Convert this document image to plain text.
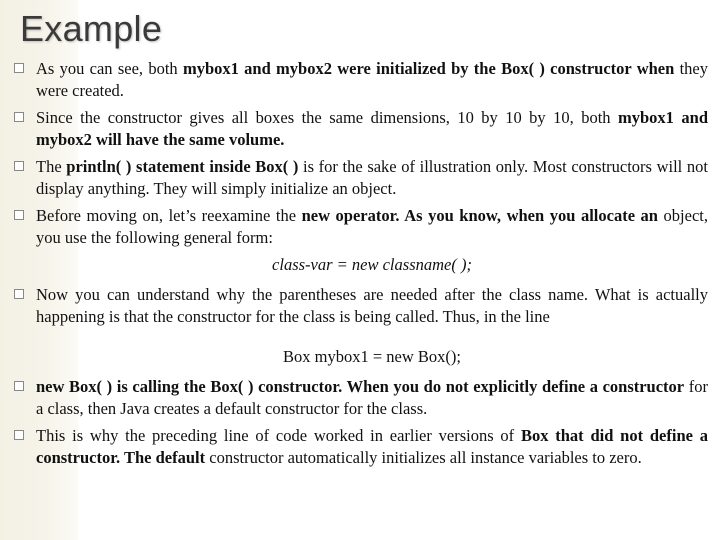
Example
As you can see, both mybox1 and mybox2 were initialized by the Box( ) constructor when they were created.
Since the constructor gives all boxes the same dimensions, 10 by 10 by 10, both mybox1 and mybox2 will have the same volume.
The println( ) statement inside Box( ) is for the sake of illustration only. Most constructors will not display anything. They will simply initialize an object.
Before moving on, let’s reexamine the new operator. As you know, when you allocate an object, you use the following general form:
class-var = new classname( );
Now you can understand why the parentheses are needed after the class name. What is actually happening is that the constructor for the class is being called. Thus, in the line
Box mybox1 = new Box();
new Box( ) is calling the Box( ) constructor. When you do not explicitly define a constructor for a class, then Java creates a default constructor for the class.
This is why the preceding line of code worked in earlier versions of Box that did not define a constructor. The default constructor automatically initializes all instance variables to zero.
